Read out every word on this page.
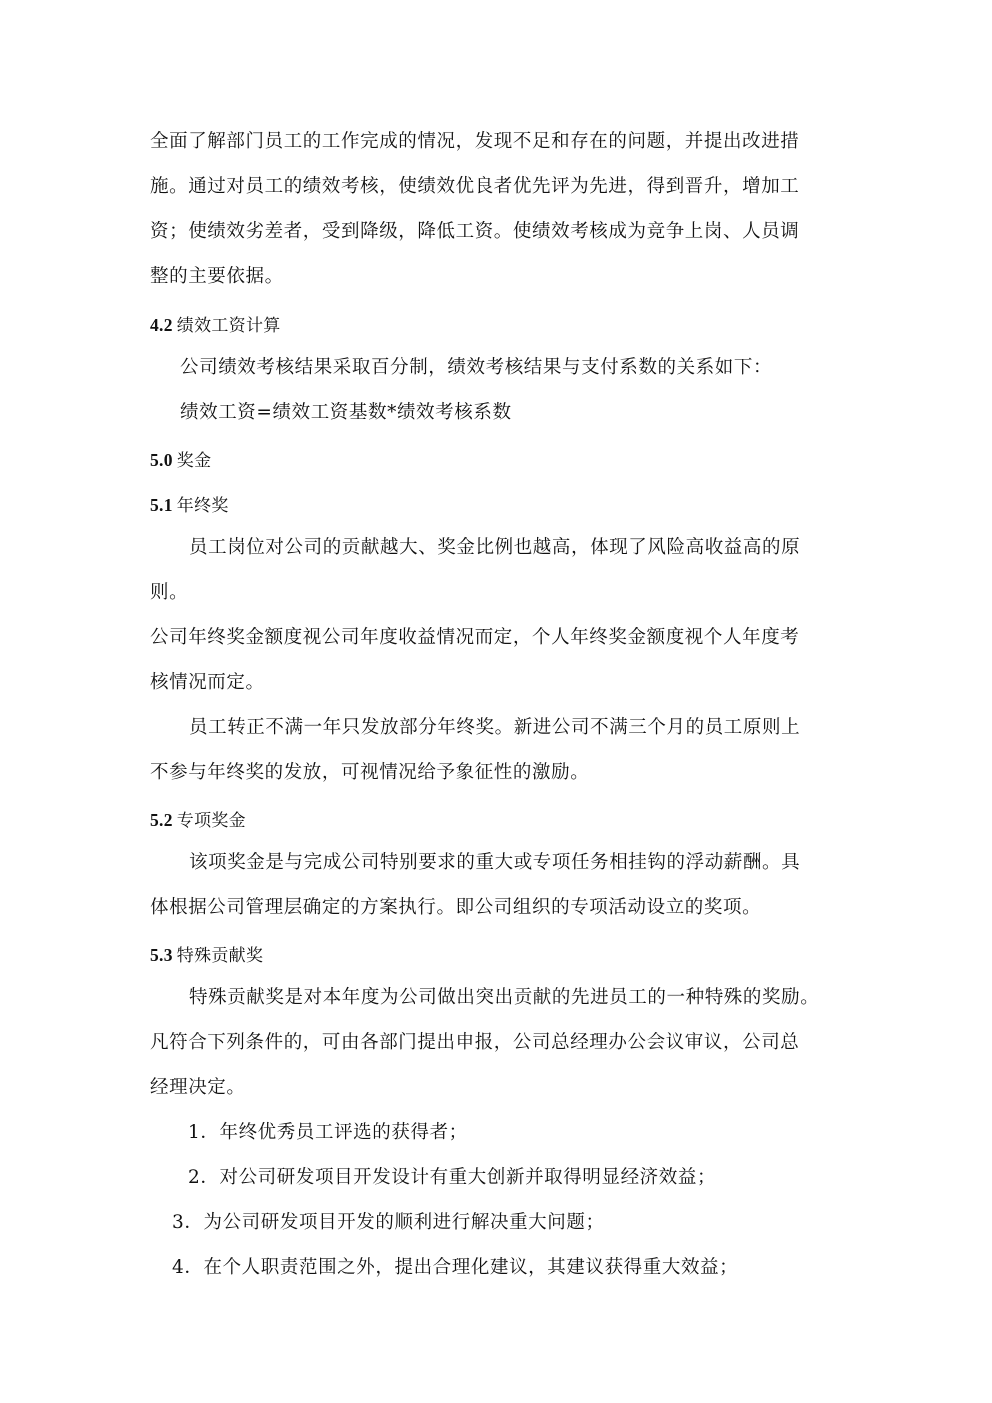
全面了解部门员工的工作完成的情况，发现不足和存在的问题，并提出改进措
施。通过对员工的绩效考核，使绩效优良者优先评为先进，得到晋升，增加工
资；使绩效劣差者，受到降级，降低工资。使绩效考核成为竞争上岗、人员调
整的主要依据。
4.2 绩效工资计算
公司绩效考核结果采取百分制，绩效考核结果与支付系数的关系如下：
绩效工资=绩效工资基数*绩效考核系数
5.0 奖金
5.1 年终奖
员工岗位对公司的贡献越大、奖金比例也越高，体现了风险高收益高的原
则。
公司年终奖金额度视公司年度收益情况而定，个人年终奖金额度视个人年度考
核情况而定。
员工转正不满一年只发放部分年终奖。新进公司不满三个月的员工原则上
不参与年终奖的发放，可视情况给予象征性的激励。
5.2 专项奖金
该项奖金是与完成公司特别要求的重大或专项任务相挂钩的浮动薪酬。具
体根据公司管理层确定的方案执行。即公司组织的专项活动设立的奖项。
5.3 特殊贡献奖
特殊贡献奖是对本年度为公司做出突出贡献的先进员工的一种特殊的奖励。
凡符合下列条件的，可由各部门提出申报，公司总经理办公会议审议，公司总
经理决定。
1．年终优秀员工评选的获得者；
2．对公司研发项目开发设计有重大创新并取得明显经济效益；
3．为公司研发项目开发的顺利进行解决重大问题；
4．在个人职责范围之外，提出合理化建议，其建议获得重大效益；
